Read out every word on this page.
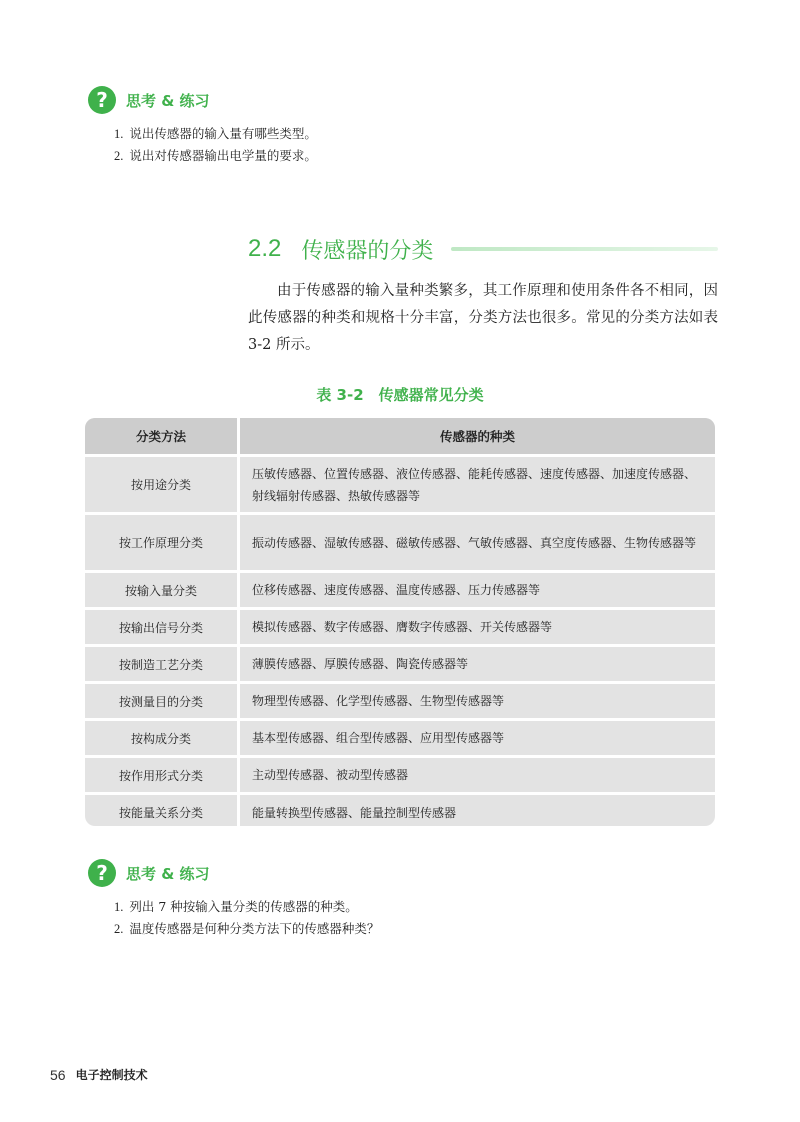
?	思考 & 练习
1. 说出传感器的输入量有哪些类型。
2. 说出对传感器输出电学量的要求。
2.2 传感器的分类

由于传感器的输入量种类繁多，其工作原理和使用条件各不相同，因此传感器的种类和规格十分丰富，分类方法也很多。常见的分类方法如表 3-2 所示。

表 3-2　传感器常见分类
分类方法	传感器的种类
按用途分类	压敏传感器、位置传感器、液位传感器、能耗传感器、速度传感器、加速度传感器、射线辐射传感器、热敏传感器等
按工作原理分类	振动传感器、湿敏传感器、磁敏传感器、气敏传感器、真空度传感器、生物传感器等
按输入量分类	位移传感器、速度传感器、温度传感器、压力传感器等
按输出信号分类	模拟传感器、数字传感器、膺数字传感器、开关传感器等
按制造工艺分类	薄膜传感器、厚膜传感器、陶瓷传感器等
按测量目的分类	物理型传感器、化学型传感器、生物型传感器等
按构成分类	基本型传感器、组合型传感器、应用型传感器等
按作用形式分类	主动型传感器、被动型传感器
按能量关系分类	能量转换型传感器、能量控制型传感器
?	思考 & 练习
1. 列出 7 种按输入量分类的传感器的种类。
2. 温度传感器是何种分类方法下的传感器种类？
56 电子控制技术
